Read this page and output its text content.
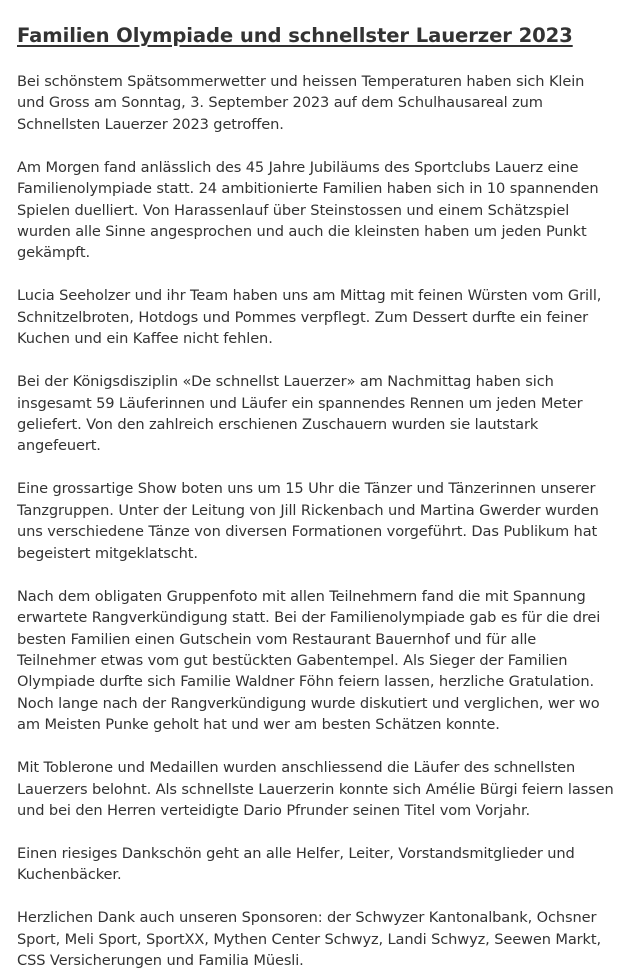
Familien Olympiade und schnellster Lauerzer 2023

Bei schönstem Spätsommerwetter und heissen Temperaturen haben sich Klein und Gross am Sonntag, 3. September 2023 auf dem Schulhausareal zum Schnellsten Lauerzer 2023 getroffen.

Am Morgen fand anlässlich des 45 Jahre Jubiläums des Sportclubs Lauerz eine Familienolympiade statt. 24 ambitionierte Familien haben sich in 10 spannenden Spielen duelliert. Von Harassenlauf über Steinstossen und einem Schätzspiel wurden alle Sinne angesprochen und auch die kleinsten haben um jeden Punkt gekämpft.

Lucia Seeholzer und ihr Team haben uns am Mittag mit feinen Würsten vom Grill, Schnitzelbroten, Hotdogs und Pommes verpflegt. Zum Dessert durfte ein feiner Kuchen und ein Kaffee nicht fehlen.

Bei der Königsdisziplin «De schnellst Lauerzer» am Nachmittag haben sich insgesamt 59 Läuferinnen und Läufer ein spannendes Rennen um jeden Meter geliefert. Von den zahlreich erschienen Zuschauern wurden sie lautstark angefeuert.

Eine grossartige Show boten uns um 15 Uhr die Tänzer und Tänzerinnen unserer Tanzgruppen. Unter der Leitung von Jill Rickenbach und Martina Gwerder wurden uns verschiedene Tänze von diversen Formationen vorgeführt. Das Publikum hat begeistert mitgeklatscht.

Nach dem obligaten Gruppenfoto mit allen Teilnehmern fand die mit Spannung erwartete Rangverkündigung statt. Bei der Familienolympiade gab es für die drei besten Familien einen Gutschein vom Restaurant Bauernhof und für alle Teilnehmer etwas vom gut bestückten Gabentempel. Als Sieger der Familien Olympiade durfte sich Familie Waldner Föhn feiern lassen, herzliche Gratulation. Noch lange nach der Rangverkündigung wurde diskutiert und verglichen, wer wo am Meisten Punke geholt hat und wer am besten Schätzen konnte.

Mit Toblerone und Medaillen wurden anschliessend die Läufer des schnellsten Lauerzers belohnt. Als schnellste Lauerzerin konnte sich Amélie Bürgi feiern lassen und bei den Herren verteidigte Dario Pfrunder seinen Titel vom Vorjahr.

Einen riesiges Dankschön geht an alle Helfer, Leiter, Vorstandsmitglieder und Kuchenbäcker.

Herzlichen Dank auch unseren Sponsoren: der Schwyzer Kantonalbank, Ochsner Sport, Meli Sport, SportXX, Mythen Center Schwyz, Landi Schwyz, Seewen Markt, CSS Versicherungen und Familia Müesli.
